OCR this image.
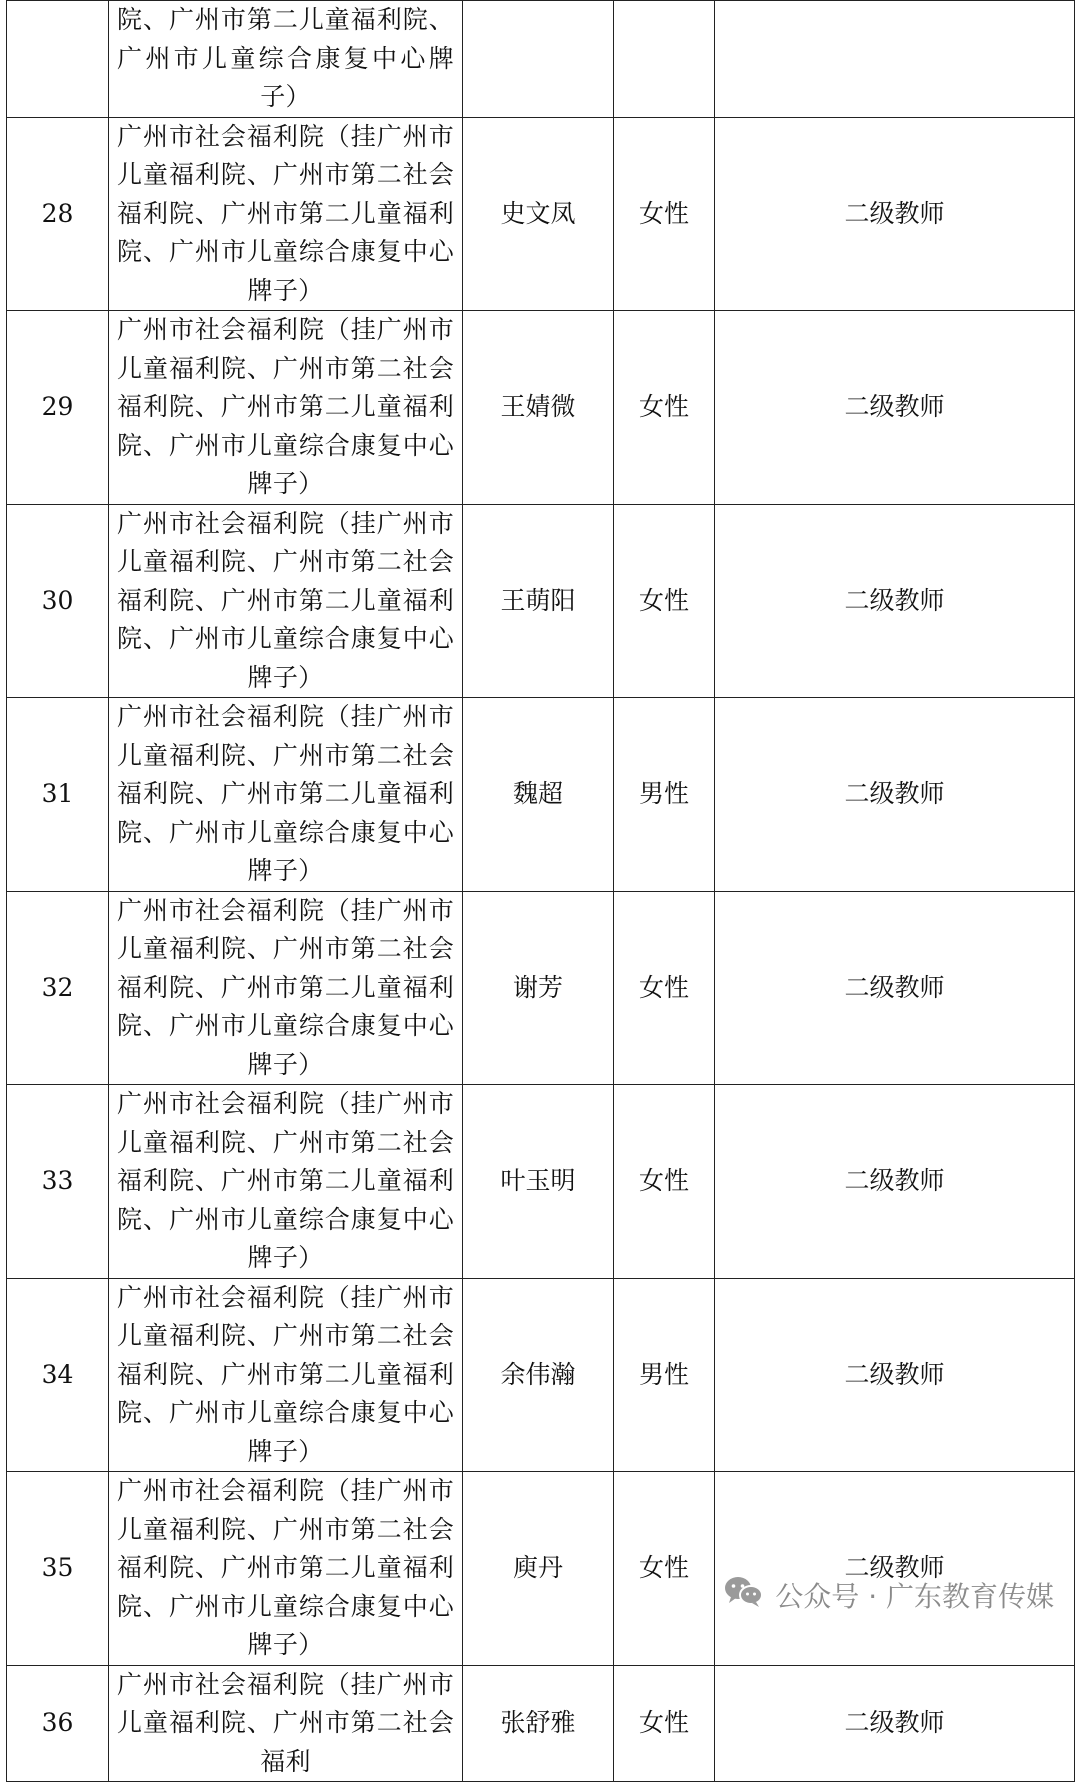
	院、广州市第二儿童福利院、广州市儿童综合康复中心牌子）			
28	广州市社会福利院（挂广州市儿童福利院、广州市第二社会福利院、广州市第二儿童福利院、广州市儿童综合康复中心牌子）	史文凤	女性	二级教师
29	广州市社会福利院（挂广州市儿童福利院、广州市第二社会福利院、广州市第二儿童福利院、广州市儿童综合康复中心牌子）	王婧微	女性	二级教师
30	广州市社会福利院（挂广州市儿童福利院、广州市第二社会福利院、广州市第二儿童福利院、广州市儿童综合康复中心牌子）	王萌阳	女性	二级教师
31	广州市社会福利院（挂广州市儿童福利院、广州市第二社会福利院、广州市第二儿童福利院、广州市儿童综合康复中心牌子）	魏超	男性	二级教师
32	广州市社会福利院（挂广州市儿童福利院、广州市第二社会福利院、广州市第二儿童福利院、广州市儿童综合康复中心牌子）	谢芳	女性	二级教师
33	广州市社会福利院（挂广州市儿童福利院、广州市第二社会福利院、广州市第二儿童福利院、广州市儿童综合康复中心牌子）	叶玉明	女性	二级教师
34	广州市社会福利院（挂广州市儿童福利院、广州市第二社会福利院、广州市第二儿童福利院、广州市儿童综合康复中心牌子）	余伟瀚	男性	二级教师
35	广州市社会福利院（挂广州市儿童福利院、广州市第二社会福利院、广州市第二儿童福利院、广州市儿童综合康复中心牌子）	庾丹	女性	二级教师
36	广州市社会福利院（挂广州市儿童福利院、广州市第二社会福利	张舒雅	女性	二级教师
公众号 · 广东教育传媒
